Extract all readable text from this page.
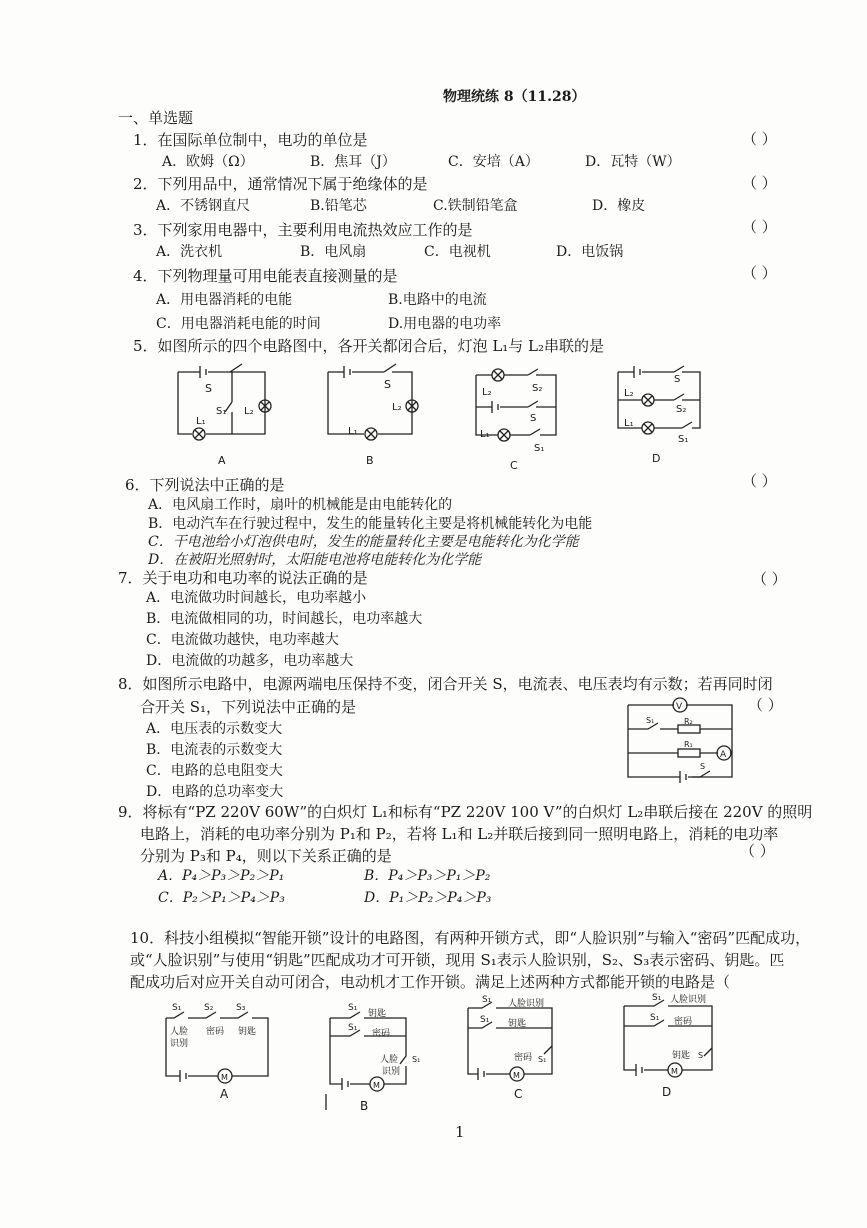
物理统练 8（11.28）
一、单选题
1．在国际单位制中，电功的单位是	（ ）
A．欧姆（Ω）	B．焦耳（J）	C．安培（A）	D．瓦特（W）
2．下列用品中，通常情况下属于绝缘体的是	（ ）
A．不锈钢直尺	B.铅笔芯	C.铁制铅笔盒	D．橡皮
3．下列家用电器中，主要利用电流热效应工作的是	（ ）
A．洗衣机	B．电风扇	C．电视机	D．电饭锅
4．下列物理量可用电能表直接测量的是	（ ）
A．用电器消耗的电能	B.电路中的电流
C．用电器消耗电能的时间	D.用电器的电功率
5．如图所示的四个电路图中，各开关都闭合后，灯泡 L₁与 L₂串联的是
S
S₁
L₁
L₂
A
S
L₁
L₂
B
L₂	S₂
S
L₁
S₁
C
S
L₂
S₂
L₁
S₁
D
6．下列说法中正确的是	（ ）
A．电风扇工作时，扇叶的机械能是由电能转化的
B．电动汽车在行驶过程中，发生的能量转化主要是将机械能转化为电能
C．干电池给小灯泡供电时，发生的能量转化主要是电能转化为化学能
D．在被阳光照射时，太阳能电池将电能转化为化学能
7．关于电功和电功率的说法正确的是	（ ）
A．电流做功时间越长，电功率越小
B．电流做相同的功，时间越长，电功率越大
C．电流做功越快，电功率越大
D．电流做的功越多，电功率越大
8．如图所示电路中，电源两端电压保持不变，闭合开关 S，电流表、电压表均有示数；若再同时闭
合开关 S₁，下列说法中正确的是	（ ）
A．电压表的示数变大
B．电流表的示数变大
C．电路的总电阻变大
D．电路的总功率变大
V
S₁	R₂
R₁
A
S
9．将标有“PZ 220V 60W”的白炽灯 L₁和标有“PZ 220V 100 V”的白炽灯 L₂串联后接在 220V 的照明
电路上，消耗的电功率分别为 P₁和 P₂，若将 L₁和 L₂并联后接到同一照明电路上，消耗的电功率
分别为 P₃和 P₄，则以下关系正确的是	（ ）
A．P₄＞P₃＞P₂＞P₁	B．P₄＞P₃＞P₁＞P₂
C．P₂＞P₁＞P₄＞P₃	D．P₁＞P₂＞P₄＞P₃
10．科技小组模拟“智能开锁”设计的电路图，有两种开锁方式，即“人脸识别”与输入“密码”匹配成功，
或“人脸识别”与使用“钥匙”匹配成功才可开锁，现用 S₁表示人脸识别，S₂、S₃表示密码、钥匙。匹
配成功后对应开关自动可闭合，电动机才工作开锁。满足上述两种方式都能开锁的电路是（
S₁	S₂	S₃
人脸
识别
密码 钥匙
M
A
S₁
钥匙
S₁
密码
人脸
识别
S₁
M
B
S₁ 人脸识别
S₁ 钥匙
密码 S₁
M
C
S₁ 人脸识别
S₁ 密码
钥匙 S
M
D
1
